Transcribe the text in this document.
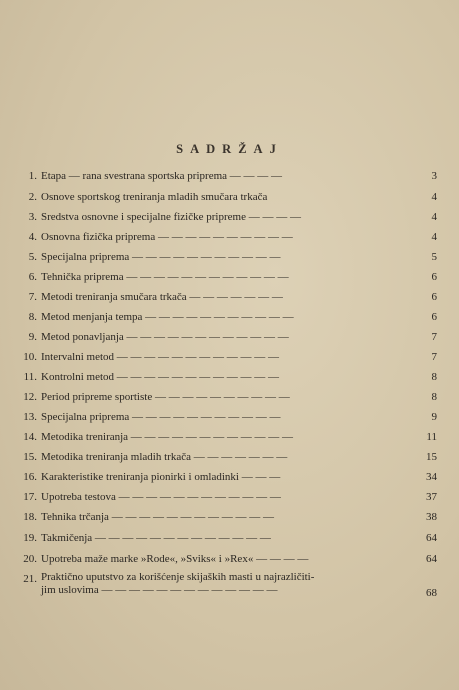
SADRŽAJ
1. Etapa — rana svestrana sportska priprema — — — —	3
2. Osnove sportskog treniranja mladih smučara trkača	4
3. Sredstva osnovne i specijalne fizičke pripreme — — — —	4
4. Osnovna fizička priprema — — — — — — — — — —	4
5. Specijalna priprema — — — — — — — — — — —	5
6. Tehnička priprema — — — — — — — — — — — —	6
7. Metodi treniranja smučara trkača — — — — — — —	6
8. Metod menjanja tempa — — — — — — — — — — —	6
9. Metod ponavljanja — — — — — — — — — — — —	7
10. Intervalni metod — — — — — — — — — — — —	7
11. Kontrolni metod — — — — — — — — — — — —	8
12. Period pripreme sportiste — — — — — — — — — —	8
13. Specijalna priprema — — — — — — — — — — —	9
14. Metodika treniranja — — — — — — — — — — — —	11
15. Metodika treniranja mladih trkača — — — — — — —	15
16. Karakteristike treniranja pionirki i omladinki — — —	34
17. Upotreba testova — — — — — — — — — — — —	37
18. Tehnika trčanja — — — — — — — — — — — —	38
19. Takmičenja — — — — — — — — — — — — —	64
20. Upotreba maže marke »Rode«, »Sviks« i »Rex« — — — —	64
21. Praktično uputstvo za korišćenje skijaških masti u najrazličiti-
jim uslovima — — — — — — — — — — — — —	68
